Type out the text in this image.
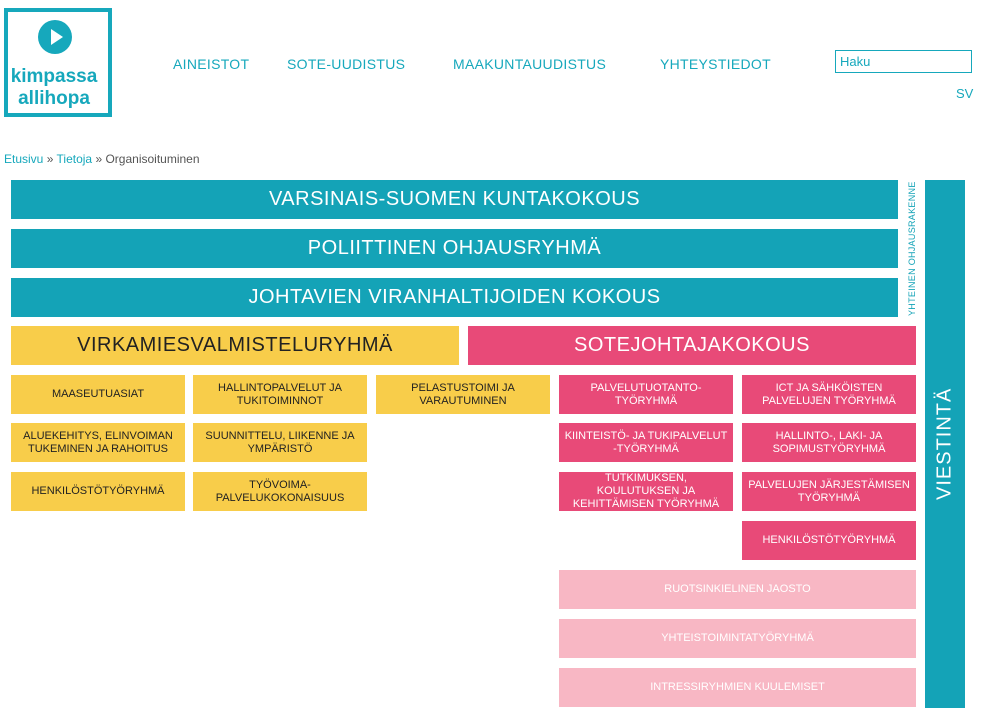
kimpassa
allihopa
AINEISTOT	SOTE-UUDISTUS	MAAKUNTAUUDISTUS	YHTEYSTIEDOT
Haku
SV
Etusivu » Tietoja » Organisoituminen
VARSINAIS-SUOMEN KUNTAKOKOUS
POLIITTINEN OHJAUSRYHMÄ
JOHTAVIEN VIRANHALTIJOIDEN KOKOUS	YHTEINEN OHJAUSRAKENNE
VIESTINTÄ
VIRKAMIESVALMISTELURYHMÄ	SOTEJOHTAJAKOKOUS
MAASEUTUASIAT
HALLINTOPALVELUT JA TUKITOIMINNOT
PELASTUSTOIMI JA VARAUTUMINEN
ALUEKEHITYS, ELINVOIMAN TUKEMINEN JA RAHOITUS
SUUNNITTELU, LIIKENNE JA YMPÄRISTÖ
HENKILÖSTÖTYÖRYHMÄ
TYÖVOIMA-PALVELUKOKONAISUUS
PALVELUTUOTANTO-TYÖRYHMÄ
ICT JA SÄHKÖISTEN PALVELUJEN TYÖRYHMÄ
KIINTEISTÖ- JA TUKIPALVELUT -TYÖRYHMÄ
HALLINTO-, LAKI- JA SOPIMUSTYÖRYHMÄ
TUTKIMUKSEN, KOULUTUKSEN JA KEHITTÄMISEN TYÖRYHMÄ
PALVELUJEN JÄRJESTÄMISEN TYÖRYHMÄ
HENKILÖSTÖTYÖRYHMÄ
RUOTSINKIELINEN JAOSTO
YHTEISTOIMINTATYÖRYHMÄ
INTRESSIRYHMIEN KUULEMISET
